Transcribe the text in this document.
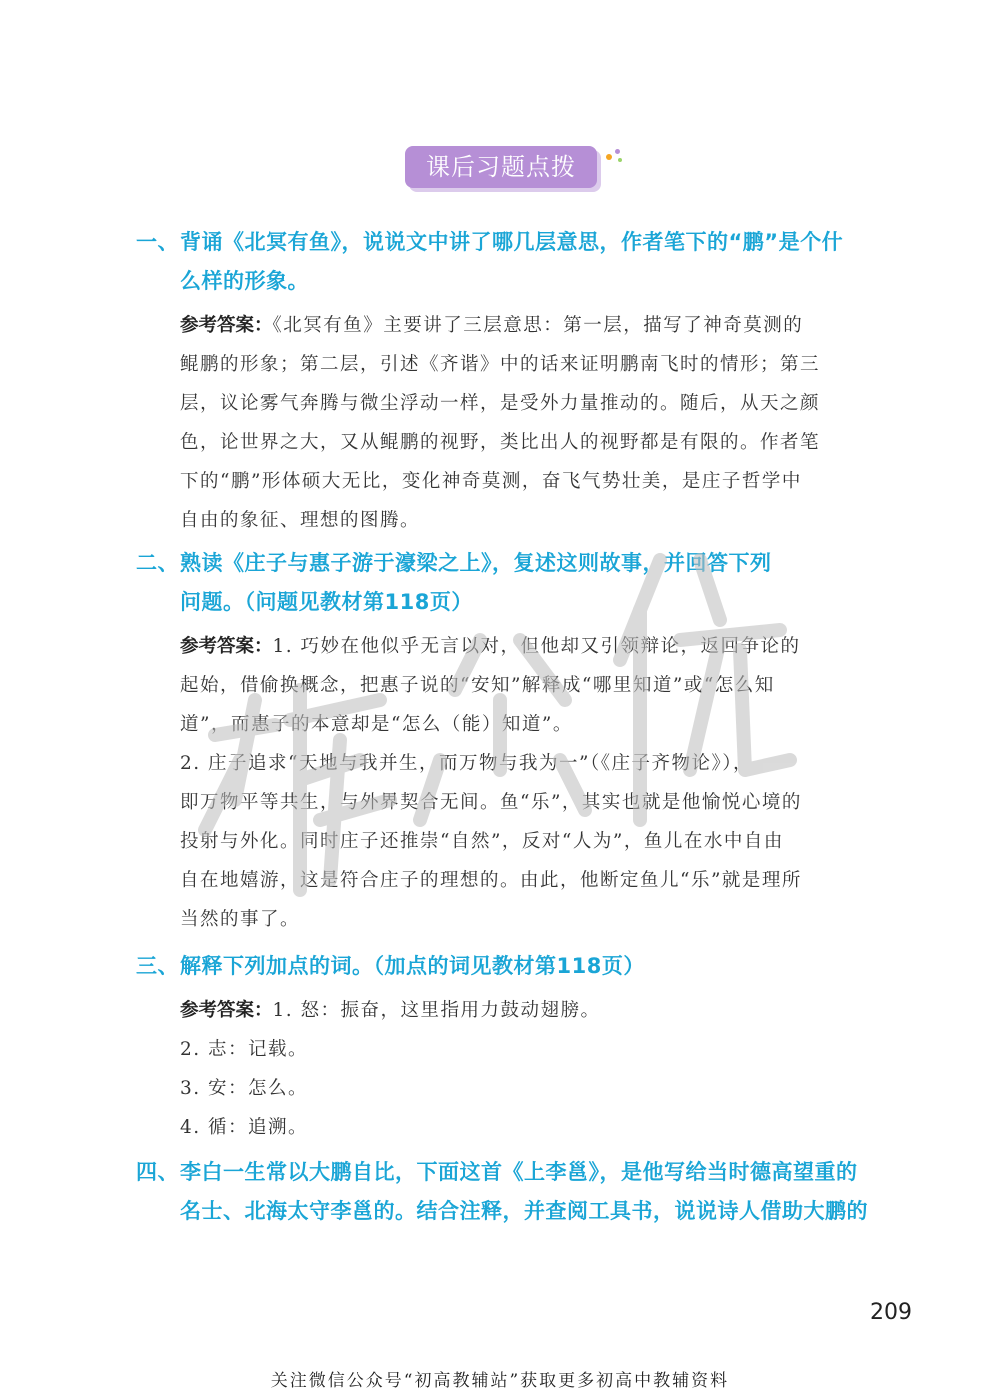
课后习题点拨
一、背诵《北冥有鱼》，说说文中讲了哪几层意思，作者笔下的“鹏”是个什
么样的形象。
参考答案：《北冥有鱼》主要讲了三层意思：第一层，描写了神奇莫测的
鲲鹏的形象；第二层，引述《齐谐》中的话来证明鹏南飞时的情形；第三
层，议论雾气奔腾与微尘浮动一样，是受外力量推动的。随后，从天之颜
色，论世界之大，又从鲲鹏的视野，类比出人的视野都是有限的。作者笔
下的“鹏”形体硕大无比，变化神奇莫测，奋飞气势壮美，是庄子哲学中
自由的象征、理想的图腾。
二、熟读《庄子与惠子游于濠梁之上》，复述这则故事，并回答下列
问题。（问题见教材第118页）
参考答案：1. 巧妙在他似乎无言以对，但他却又引领辩论，返回争论的
起始，借偷换概念，把惠子说的“安知”解释成“哪里知道”或“怎么知
道”，而惠子的本意却是“怎么（能）知道”。
2. 庄子追求“天地与我并生，而万物与我为一”（《庄子齐物论》），
即万物平等共生，与外界契合无间。鱼“乐”，其实也就是他愉悦心境的
投射与外化。同时庄子还推崇“自然”，反对“人为”，鱼儿在水中自由
自在地嬉游，这是符合庄子的理想的。由此，他断定鱼儿“乐”就是理所
当然的事了。
三、解释下列加点的词。（加点的词见教材第118页）
参考答案：1. 怒：振奋，这里指用力鼓动翅膀。
2. 志：记载。
3. 安：怎么。
4. 循：追溯。
四、李白一生常以大鹏自比，下面这首《上李邕》，是他写给当时德高望重的
名士、北海太守李邕的。结合注释，并查阅工具书，说说诗人借助大鹏的
209
关注微信公众号“初高教辅站”获取更多初高中教辅资料
